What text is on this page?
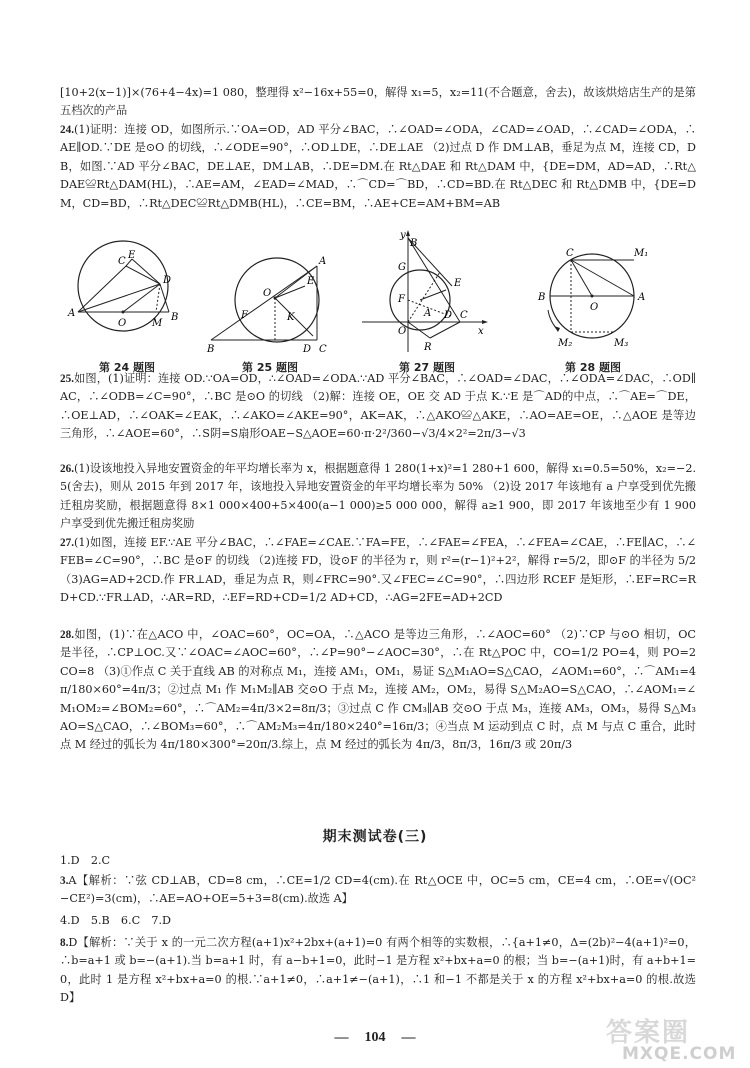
[10+2(x−1)]×(76+4−4x)=1 080，整理得 x²−16x+55=0，解得 x₁=5，x₂=11(不合题意，舍去)，故该烘焙店生产的是第五档次的产品

24.(1)证明：连接 OD，如图所示.∵OA=OD，AD 平分∠BAC，∴∠OAD=∠ODA，∠CAD=∠OAD，∴∠CAD=∠ODA，∴AE∥OD.∵DE 是⊙O 的切线，∴∠ODE=90°，∴OD⊥DE，∴DE⊥AE （2)过点 D 作 DM⊥AB，垂足为点 M，连接 CD，DB，如图.∵AD 平分∠BAC，DE⊥AE，DM⊥AB，∴DE=DM.在 Rt△DAE 和 Rt△DAM 中，{DE=DM，AD=AD，∴Rt△DAE≌Rt△DAM(HL)，∴AE=AM，∠EAD=∠MAD，∴⌒CD=⌒BD，∴CD=BD.在 Rt△DEC 和 Rt△DMB 中，{DE=DM，CD=BD，∴Rt△DEC≌Rt△DMB(HL)，∴CE=BM，∴AE+CE=AM+BM=AB

E
C
D
A
O	M
B
A
E
O
F	K
B	D C
y
G
B
E
F
A
O
D C
R
x
C	M₁
B
O
A
M₂	M₃
第 24 题图	第 25 题图	第 27 题图	第 28 题图

25.如图，(1)证明：连接 OD.∵OA=OD，∴∠OAD=∠ODA.∵AD 平分∠BAC，∴∠OAD=∠DAC，∴∠ODA=∠DAC，∴OD∥AC，∴∠ODB=∠C=90°，∴BC 是⊙O 的切线 （2)解：连接 OE，OE 交 AD 于点 K.∵E 是⌒AD的中点，∴⌒AE=⌒DE，∴OE⊥AD，∴∠OAK=∠EAK，∴∠AKO=∠AKE=90°，AK=AK，∴△AKO≌△AKE，∴AO=AE=OE，∴△AOE 是等边三角形，∴∠AOE=60°，∴S阴=S扇形OAE−S△AOE=60·π·2²/360−√3/4×2²=2π/3−√3

26.(1)设该地投入异地安置资金的年平均增长率为 x，根据题意得 1 280(1+x)²=1 280+1 600，解得 x₁=0.5=50%，x₂=−2.5(舍去)，则从 2015 年到 2017 年，该地投入异地安置资金的年平均增长率为 50% （2)设 2017 年该地有 a 户享受到优先搬迁租房奖励，根据题意得 8×1 000×400+5×400(a−1 000)≥5 000 000，解得 a≥1 900，即 2017 年该地至少有 1 900 户享受到优先搬迁租房奖励

27.(1)如图，连接 EF.∵AE 平分∠BAC，∴∠FAE=∠CAE.∵FA=FE，∴∠FAE=∠FEA，∴∠FEA=∠CAE，∴FE∥AC，∴∠FEB=∠C=90°，∴BC 是⊙F 的切线 （2)连接 FD，设⊙F 的半径为 r，则 r²=(r−1)²+2²，解得 r=5/2，即⊙F 的半径为 5/2 （3)AG=AD+2CD.作 FR⊥AD，垂足为点 R，则∠FRC=90°.又∠FEC=∠C=90°，∴四边形 RCEF 是矩形，∴EF=RC=RD+CD.∵FR⊥AD，∴AR=RD，∴EF=RD+CD=1/2 AD+CD，∴AG=2FE=AD+2CD

28.如图，(1)∵在△ACO 中，∠OAC=60°，OC=OA，∴△ACO 是等边三角形，∴∠AOC=60° （2)∵CP 与⊙O 相切，OC 是半径，∴CP⊥OC.又∵∠OAC=∠AOC=60°，∴∠P=90°−∠AOC=30°，∴在 Rt△POC 中，CO=1/2 PO=4，则 PO=2CO=8 （3)①作点 C 关于直线 AB 的对称点 M₁，连接 AM₁，OM₁，易证 S△M₁AO=S△CAO，∠AOM₁=60°，∴⌒AM₁=4π/180×60°=4π/3；②过点 M₁ 作 M₁M₂∥AB 交⊙O 于点 M₂，连接 AM₂，OM₂，易得 S△M₂AO=S△CAO，∴∠AOM₁=∠M₁OM₂=∠BOM₂=60°，∴⌒AM₂=4π/3×2=8π/3；③过点 C 作 CM₃∥AB 交⊙O 于点 M₃，连接 AM₃，OM₃，易得 S△M₃AO=S△CAO，∴∠BOM₃=60°，∴⌒AM₂M₃=4π/180×240°=16π/3；④当点 M 运动到点 C 时，点 M 与点 C 重合，此时点 M 经过的弧长为 4π/180×300°=20π/3.综上，点 M 经过的弧长为 4π/3，8π/3，16π/3 或 20π/3

期末测试卷(三)
1.D　2.C

3.A【解析：∵弦 CD⊥AB，CD=8 cm，∴CE=1/2 CD=4(cm).在 Rt△OCE 中，OC=5 cm，CE=4 cm，∴OE=√(OC²−CE²)=3(cm)，∴AE=AO+OE=5+3=8(cm).故选 A】

4.D　5.B　6.C　7.D

8.D【解析：∵关于 x 的一元二次方程(a+1)x²+2bx+(a+1)=0 有两个相等的实数根，∴{a+1≠0，Δ=(2b)²−4(a+1)²=0，∴b=a+1 或 b=−(a+1).当 b=a+1 时，有 a−b+1=0，此时−1 是方程 x²+bx+a=0 的根；当 b=−(a+1)时，有 a+b+1=0，此时 1 是方程 x²+bx+a=0 的根.∵a+1≠0，∴a+1≠−(a+1)，∴1 和−1 不都是关于 x 的方程 x²+bx+a=0 的根.故选 D】

— 104 —	答案圈
MXQE.COM
